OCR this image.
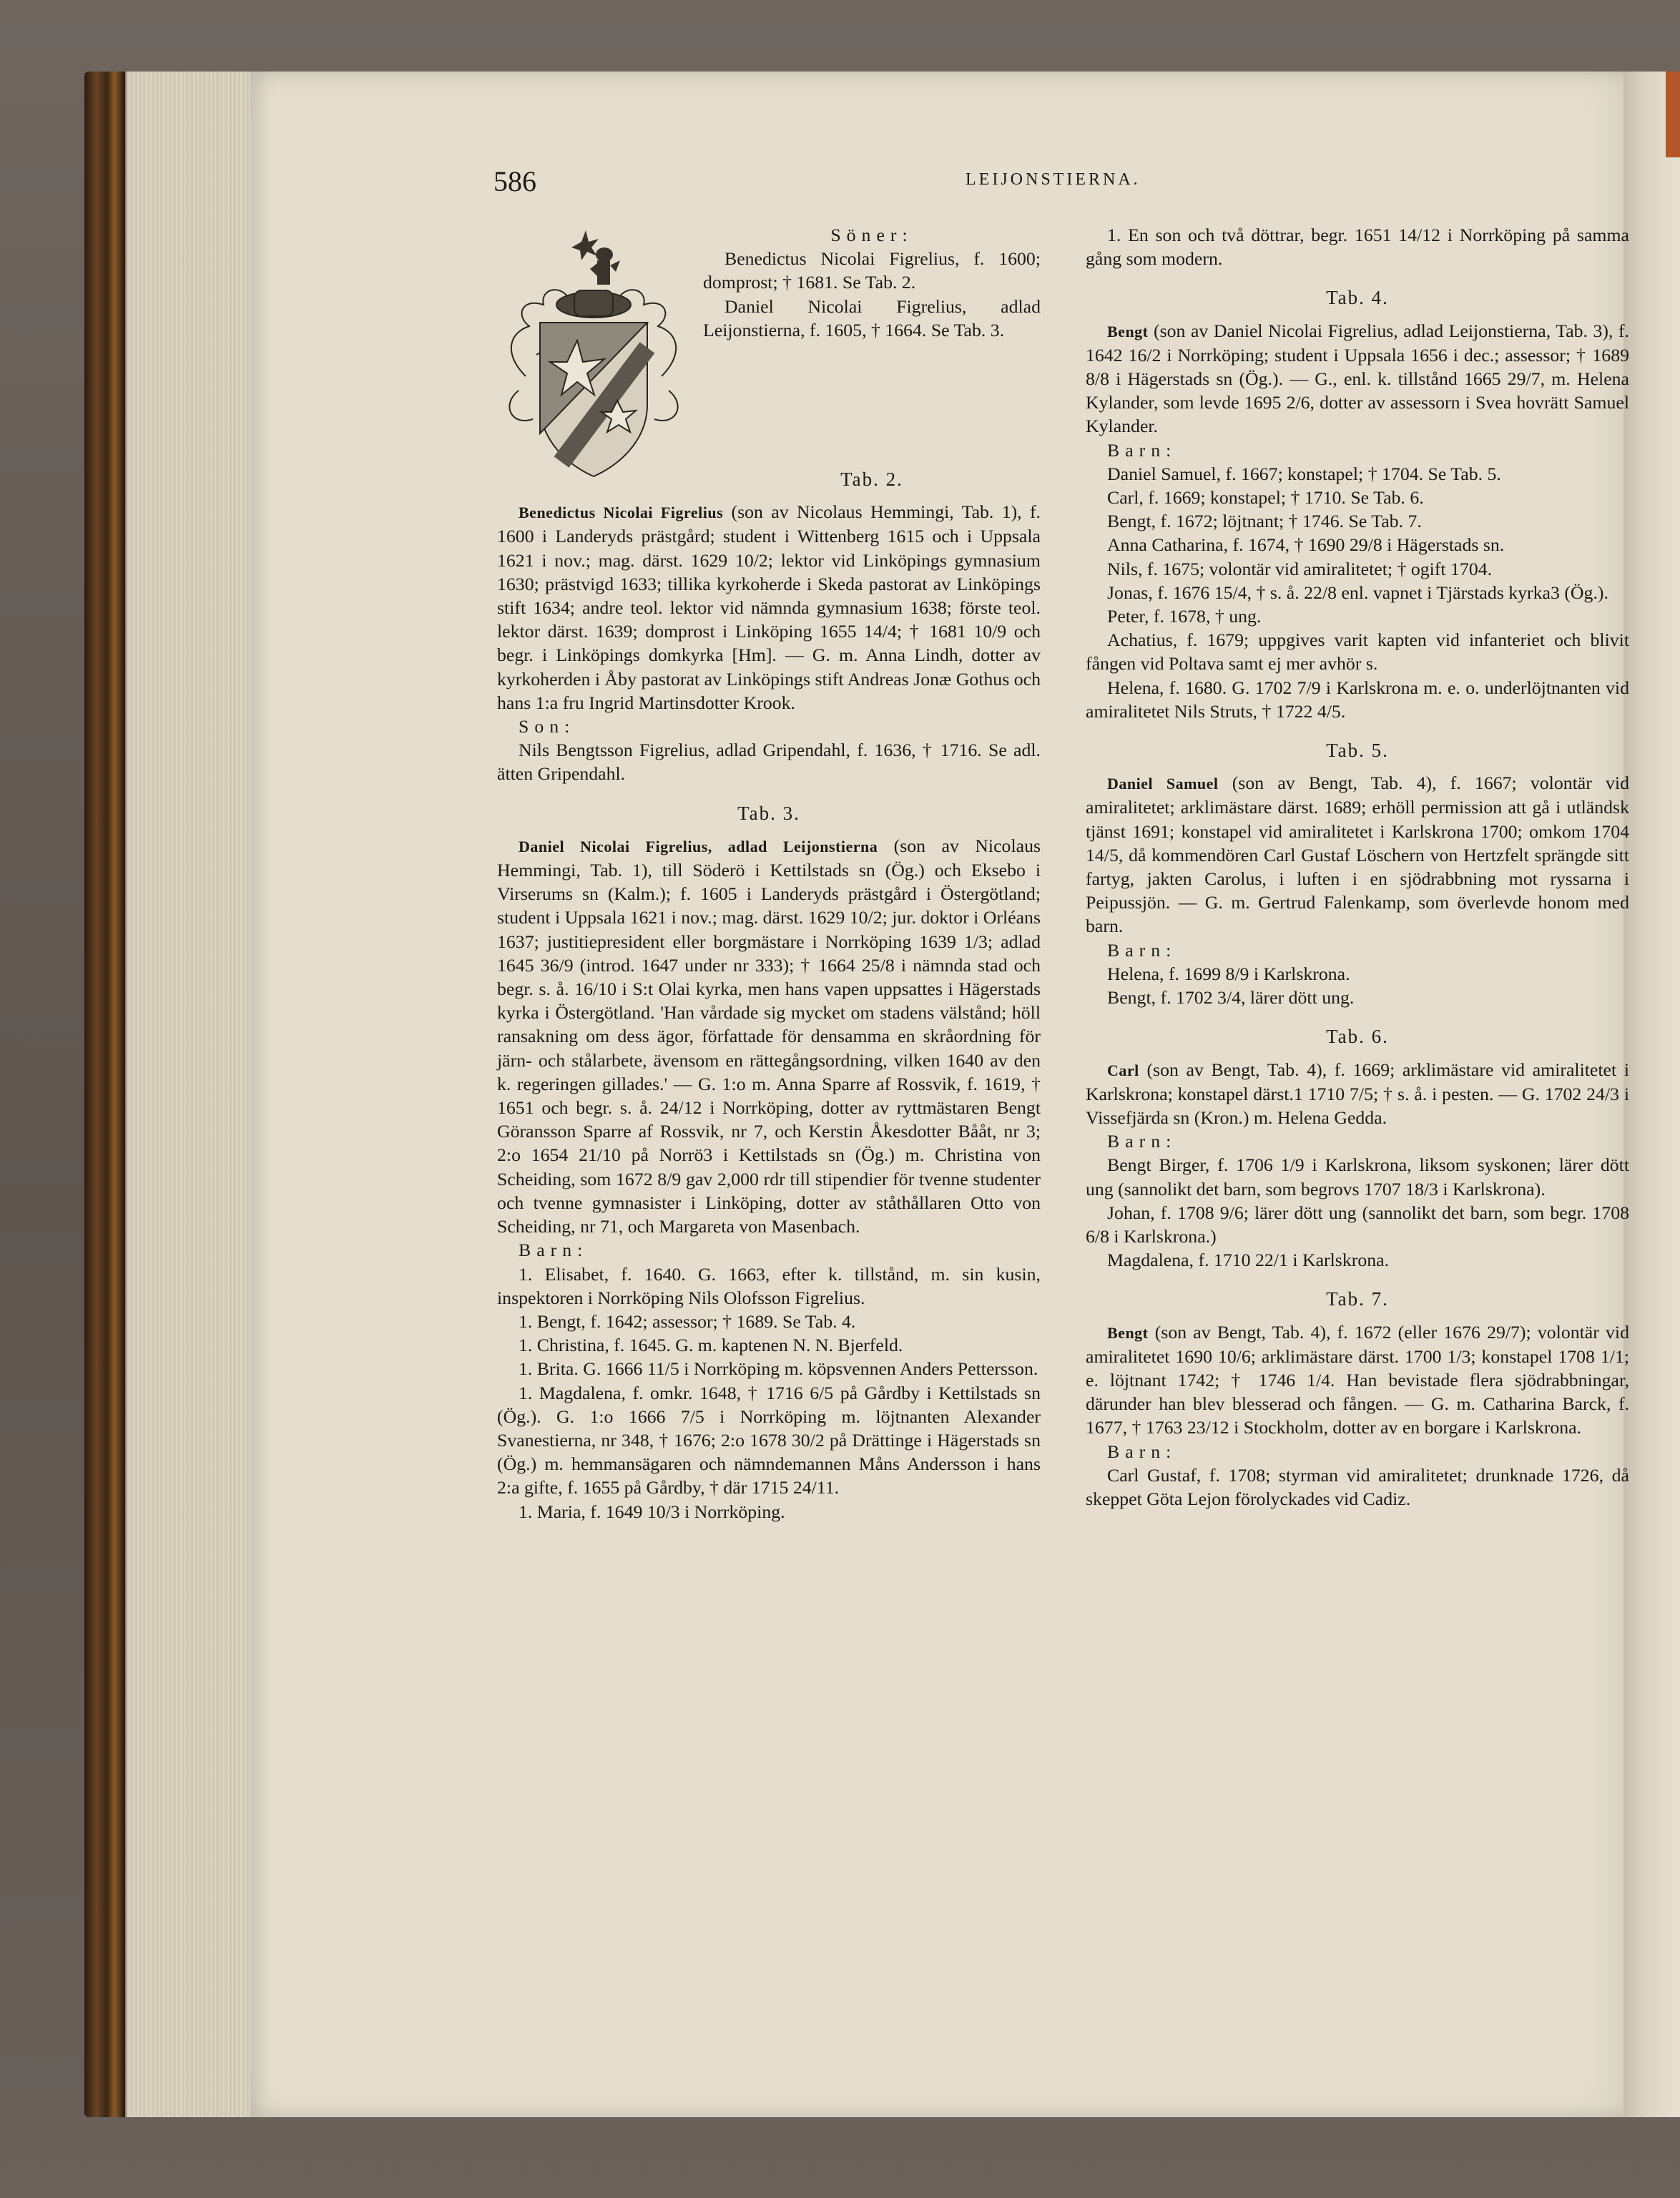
586	LEIJONSTIERNA.

Söner:

Benedictus Nicolai Figrelius, f. 1600; domprost; † 1681. Se Tab. 2.

Daniel Nicolai Figrelius, adlad Leijonstierna, f. 1605, † 1664. Se Tab. 3.

Tab. 2.

Benedictus Nicolai Figrelius (son av Nicolaus Hemmingi, Tab. 1), f. 1600 i Landeryds prästgård; student i Wittenberg 1615 och i Uppsala 1621 i nov.; mag. därst. 1629 10/2; lektor vid Linköpings gymnasium 1630; prästvigd 1633; tillika kyrkoherde i Skeda pastorat av Linköpings stift 1634; andre teol. lektor vid nämnda gymnasium 1638; förste teol. lektor därst. 1639; domprost i Linköping 1655 14/4; † 1681 10/9 och begr. i Linköpings domkyrka [Hm]. — G. m. Anna Lindh, dotter av kyrkoherden i Åby pastorat av Linköpings stift Andreas Jonæ Gothus och hans 1:a fru Ingrid Martinsdotter Krook.

Son:

Nils Bengtsson Figrelius, adlad Gripendahl, f. 1636, † 1716. Se adl. ätten Gripendahl.

Tab. 3.

Daniel Nicolai Figrelius, adlad Leijonstierna (son av Nicolaus Hemmingi, Tab. 1), till Söderö i Kettilstads sn (Ög.) och Eksebo i Virserums sn (Kalm.); f. 1605 i Landeryds prästgård i Östergötland; student i Uppsala 1621 i nov.; mag. därst. 1629 10/2; jur. doktor i Orléans 1637; justitiepresident eller borgmästare i Norrköping 1639 1/3; adlad 1645 36/9 (introd. 1647 under nr 333); † 1664 25/8 i nämnda stad och begr. s. å. 16/10 i S:t Olai kyrka, men hans vapen uppsattes i Hägerstads kyrka i Östergötland. 'Han vårdade sig mycket om stadens välstånd; höll ransakning om dess ägor, författade för densamma en skråordning för järn- och stålarbete, ävensom en rättegångsordning, vilken 1640 av den k. regeringen gillades.' — G. 1:o m. Anna Sparre af Rossvik, f. 1619, † 1651 och begr. s. å. 24/12 i Norrköping, dotter av ryttmästaren Bengt Göransson Sparre af Rossvik, nr 7, och Kerstin Åkesdotter Bååt, nr 3; 2:o 1654 21/10 på Norrö3 i Kettilstads sn (Ög.) m. Christina von Scheiding, som 1672 8/9 gav 2,000 rdr till stipendier för tvenne studenter och tvenne gymnasister i Linköping, dotter av ståthållaren Otto von Scheiding, nr 71, och Margareta von Masenbach.

Barn:

1. Elisabet, f. 1640. G. 1663, efter k. tillstånd, m. sin kusin, inspektoren i Norrköping Nils Olofsson Figrelius.

1. Bengt, f. 1642; assessor; † 1689. Se Tab. 4.

1. Christina, f. 1645. G. m. kaptenen N. N. Bjerfeld.

1. Brita. G. 1666 11/5 i Norrköping m. köpsvennen Anders Pettersson.

1. Magdalena, f. omkr. 1648, † 1716 6/5 på Gårdby i Kettilstads sn (Ög.). G. 1:o 1666 7/5 i Norrköping m. löjtnanten Alexander Svanestierna, nr 348, † 1676; 2:o 1678 30/2 på Drättinge i Hägerstads sn (Ög.) m. hemmansägaren och nämndemannen Måns Andersson i hans 2:a gifte, f. 1655 på Gårdby, † där 1715 24/11.

1. Maria, f. 1649 10/3 i Norrköping.

1. En son och två döttrar, begr. 1651 14/12 i Norrköping på samma gång som modern.

Tab. 4.

Bengt (son av Daniel Nicolai Figrelius, adlad Leijonstierna, Tab. 3), f. 1642 16/2 i Norrköping; student i Uppsala 1656 i dec.; assessor; † 1689 8/8 i Hägerstads sn (Ög.). — G., enl. k. tillstånd 1665 29/7, m. Helena Kylander, som levde 1695 2/6, dotter av assessorn i Svea hovrätt Samuel Kylander.

Barn:

Daniel Samuel, f. 1667; konstapel; † 1704. Se Tab. 5.

Carl, f. 1669; konstapel; † 1710. Se Tab. 6.

Bengt, f. 1672; löjtnant; † 1746. Se Tab. 7.

Anna Catharina, f. 1674, † 1690 29/8 i Hägerstads sn.

Nils, f. 1675; volontär vid amiralitetet; † ogift 1704.

Jonas, f. 1676 15/4, † s. å. 22/8 enl. vapnet i Tjärstads kyrka3 (Ög.).

Peter, f. 1678, † ung.

Achatius, f. 1679; uppgives varit kapten vid infanteriet och blivit fången vid Poltava samt ej mer avhör s.

Helena, f. 1680. G. 1702 7/9 i Karlskrona m. e. o. underlöjtnanten vid amiralitetet Nils Struts, † 1722 4/5.

Tab. 5.

Daniel Samuel (son av Bengt, Tab. 4), f. 1667; volontär vid amiralitetet; arklimästare därst. 1689; erhöll permission att gå i utländsk tjänst 1691; konstapel vid amiralitetet i Karlskrona 1700; omkom 1704 14/5, då kommendören Carl Gustaf Löschern von Hertzfelt sprängde sitt fartyg, jakten Carolus, i luften i en sjödrabbning mot ryssarna i Peipussjön. — G. m. Gertrud Falenkamp, som överlevde honom med barn.

Barn:

Helena, f. 1699 8/9 i Karlskrona.

Bengt, f. 1702 3/4, lärer dött ung.

Tab. 6.

Carl (son av Bengt, Tab. 4), f. 1669; arklimästare vid amiralitetet i Karlskrona; konstapel därst.1 1710 7/5; † s. å. i pesten. — G. 1702 24/3 i Vissefjärda sn (Kron.) m. Helena Gedda.

Barn:

Bengt Birger, f. 1706 1/9 i Karlskrona, liksom syskonen; lärer dött ung (sannolikt det barn, som begrovs 1707 18/3 i Karlskrona).

Johan, f. 1708 9/6; lärer dött ung (sannolikt det barn, som begr. 1708 6/8 i Karlskrona.)

Magdalena, f. 1710 22/1 i Karlskrona.

Tab. 7.

Bengt (son av Bengt, Tab. 4), f. 1672 (eller 1676 29/7); volontär vid amiralitetet 1690 10/6; arklimästare därst. 1700 1/3; konstapel 1708 1/1; e. löjtnant 1742; † 1746 1/4. Han bevistade flera sjödrabbningar, därunder han blev blesserad och fången. — G. m. Catharina Barck, f. 1677, † 1763 23/12 i Stockholm, dotter av en borgare i Karlskrona.

Barn:

Carl Gustaf, f. 1708; styrman vid amiralitetet; drunknade 1726, då skeppet Göta Lejon förolyckades vid Cadiz.
